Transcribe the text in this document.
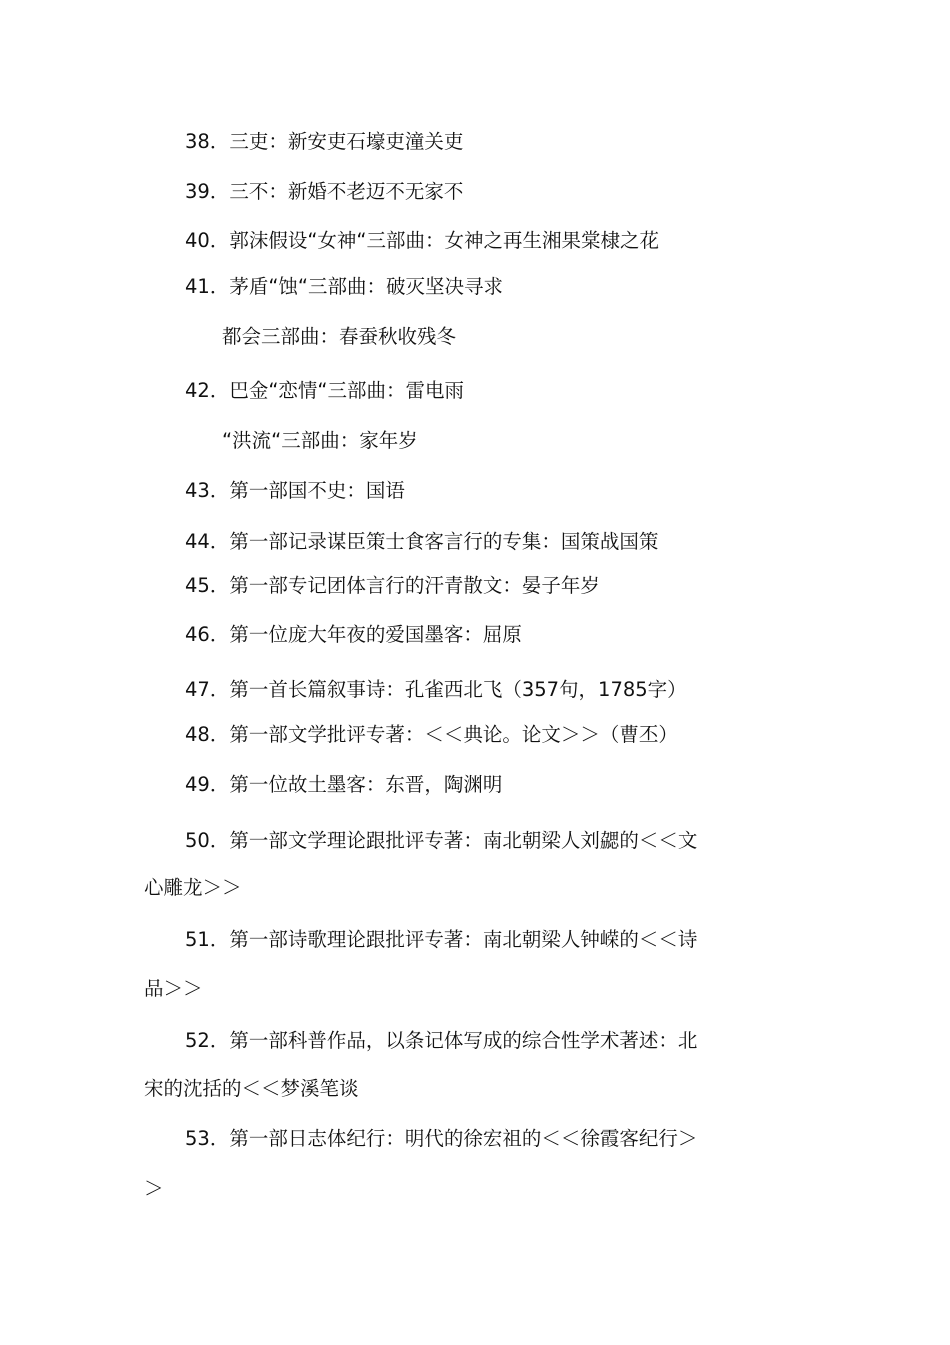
38．三吏：新安吏石壕吏潼关吏
39．三不：新婚不老迈不无家不
40．郭沫假设“女神“三部曲：女神之再生湘果棠棣之花
41．茅盾“蚀“三部曲：破灭坚决寻求
都会三部曲：春蚕秋收残冬
42．巴金“恋情“三部曲：雷电雨
“洪流“三部曲：家年岁
43．第一部国不史：国语
44．第一部记录谋臣策士食客言行的专集：国策战国策
45．第一部专记团体言行的汗青散文：晏子年岁
46．第一位庞大年夜的爱国墨客：屈原
47．第一首长篇叙事诗：孔雀西北飞（357句，1785字）
48．第一部文学批评专著：＜＜典论。论文＞＞（曹丕）
49．第一位故土墨客：东晋，陶渊明
50．第一部文学理论跟批评专著：南北朝梁人刘勰的＜＜文
心雕龙＞＞
51．第一部诗歌理论跟批评专著：南北朝梁人钟嵘的＜＜诗
品＞＞
52．第一部科普作品，以条记体写成的综合性学术著述：北
宋的沈括的＜＜梦溪笔谈
53．第一部日志体纪行：明代的徐宏祖的＜＜徐霞客纪行＞
＞
